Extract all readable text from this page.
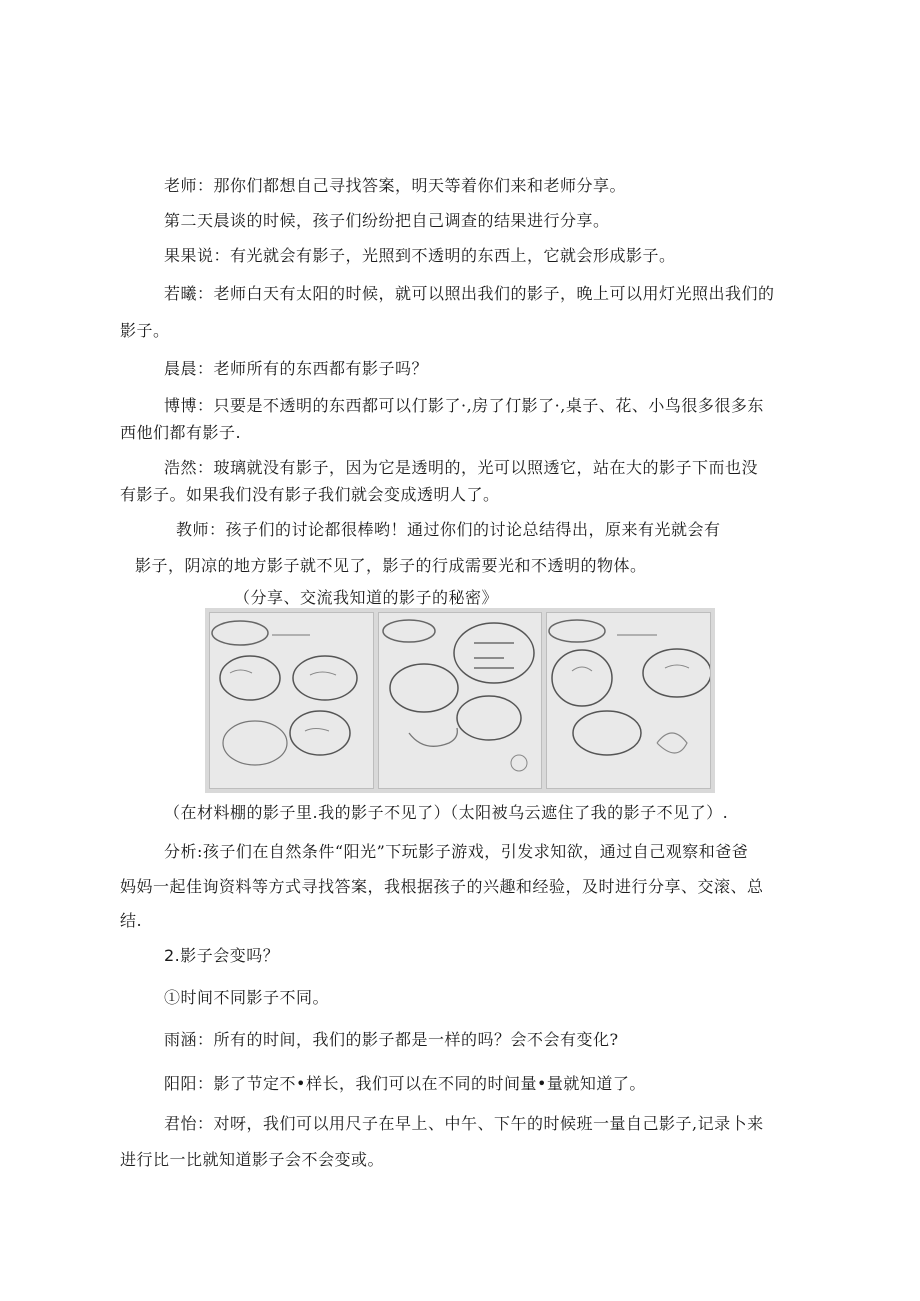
老师：那你们都想自己寻找答案，明天等着你们来和老师分享。
第二天晨谈的时候，孩子们纷纷把自己调查的结果进行分享。
果果说：有光就会有影子，光照到不透明的东西上，它就会形成影子。
若曦：老师白天有太阳的时候，就可以照出我们的影子，晚上可以用灯光照出我们的
影子。
晨晨：老师所有的东西都有影子吗？
博博：只要是不透明的东西都可以仃影了·,房了仃影了·,桌子、花、小鸟很多很多东
西他们都有影子.
浩然：玻璃就没有影子，因为它是透明的，光可以照透它，站在大的影子下而也没
有影子。如果我们没有影子我们就会变成透明人了。
教师：孩子们的讨论都很棒哟！通过你们的讨论总结得出，原来有光就会有
影子，阴凉的地方影子就不见了，影子的行成需要光和不透明的物体。
（分享、交流我知道的影子的秘密》
（在材料棚的影子里.我的影子不见了）（太阳被乌云遮住了我的影子不见了）.
分析:孩子们在自然条件“阳光”下玩影子游戏，引发求知欲，通过自己观察和爸爸
妈妈一起佳询资料等方式寻找答案，我根据孩子的兴趣和经验，及时进行分享、交滚、总
结.
2.影子会变吗？
①时间不同影子不同。
雨涵：所有的时间，我们的影子都是一样的吗？会不会有变化?
阳阳：影了节定不•样长，我们可以在不同的时间量•量就知道了。
君怡：对呀，我们可以用尺子在早上、中午、下午的时候班一量自己影子,记录卜来
进行比一比就知道影子会不会变或。
